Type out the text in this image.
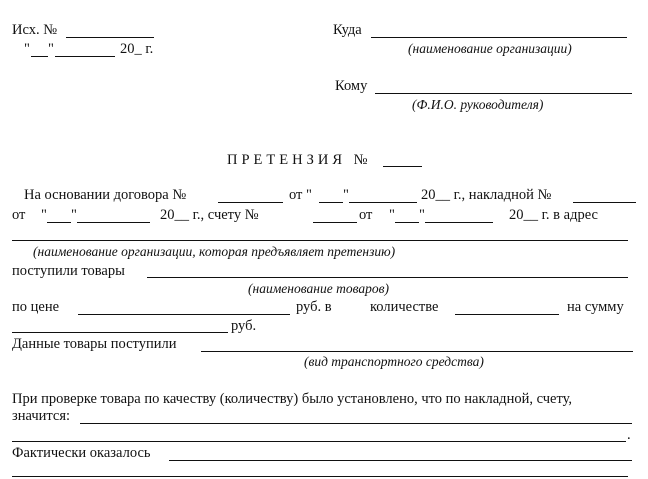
Исх. №
" "	20_ г.
Куда
(наименование организации)
Кому
(Ф.И.О. руководителя)
ПРЕТЕНЗИЯ №
На основании договора №	от " "	20__ г., накладной №
от " "	20__ г., счету №	от " "	20__ г. в адрес
(наименование организации, которая предъявляет претензию)
поступили товары
(наименование товаров)
по цене	руб. в	количестве	на сумму
руб.
Данные товары поступили
(вид транспортного средства)
При проверке товара по качеству (количеству) было установлено, что по накладной, счету,
значится:
.
Фактически оказалось
